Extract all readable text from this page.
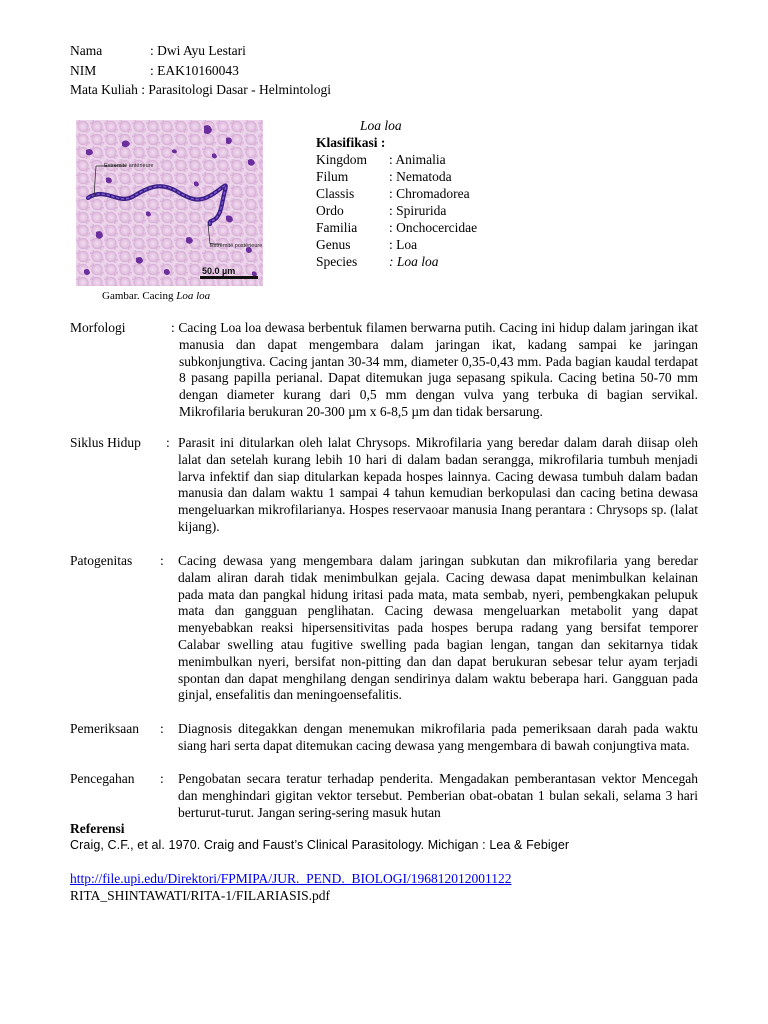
Nama	: Dwi Ayu Lestari
NIM	: EAK10160043
Mata Kuliah : Parasitologi Dasar - Helmintologi
Extremité antérieure
Extremité postérieure
50.0 µm
Gambar. Cacing Loa loa
Loa loa
Klasifikasi :
Kingdom : Animalia
Filum	: Nematoda
Classis	: Chromadorea
Ordo	: Spirurida
Familia : Onchocercidae
Genus	: Loa
Species : Loa loa
Morfologi	: Cacing Loa loa dewasa berbentuk filamen berwarna putih. Cacing ini hidup dalam jaringan ikat manusia dan dapat mengembara dalam jaringan ikat, kadang sampai ke jaringan subkonjungtiva. Cacing jantan 30-34 mm, diameter 0,35-0,43 mm. Pada bagian kaudal terdapat 8 pasang papilla perianal. Dapat ditemukan juga sepasang spikula. Cacing betina 50-70 mm dengan diameter kurang dari 0,5 mm dengan vulva yang terbuka di bagian servikal. Mikrofilaria berukuran 20-300 µm x 6-8,5 µm dan tidak bersarung.
Siklus Hidup : Parasit ini ditularkan oleh lalat Chrysops. Mikrofilaria yang beredar dalam darah diisap oleh lalat dan setelah kurang lebih 10 hari di dalam badan serangga, mikrofilaria tumbuh menjadi larva infektif dan siap ditularkan kepada hospes lainnya. Cacing dewasa tumbuh dalam badan manusia dan dalam waktu 1 sampai 4 tahun kemudian berkopulasi dan cacing betina dewasa mengeluarkan mikrofilarianya. Hospes reservaoar manusia Inang perantara : Chrysops sp. (lalat kijang).
Patogenitas : Cacing dewasa yang mengembara dalam jaringan subkutan dan mikrofilaria yang beredar dalam aliran darah tidak menimbulkan gejala. Cacing dewasa dapat menimbulkan kelainan pada mata dan pangkal hidung iritasi pada mata, mata sembab, nyeri, pembengkakan pelupuk mata dan gangguan penglihatan. Cacing dewasa mengeluarkan metabolit yang dapat menyebabkan reaksi hipersensitivitas pada hospes berupa radang yang bersifat temporer Calabar swelling atau fugitive swelling pada bagian lengan, tangan dan sekitarnya tidak menimbulkan nyeri, bersifat non-pitting dan dan dapat berukuran sebesar telur ayam terjadi spontan dan dapat menghilang dengan sendirinya dalam waktu beberapa hari. Gangguan pada ginjal, ensefalitis dan meningoensefalitis.
Pemeriksaan : Diagnosis ditegakkan dengan menemukan mikrofilaria pada pemeriksaan darah pada waktu siang hari serta dapat ditemukan cacing dewasa yang mengembara di bawah conjungtiva mata.
Pencegahan : Pengobatan secara teratur terhadap penderita. Mengadakan pemberantasan vektor Mencegah dan menghindari gigitan vektor tersebut. Pemberian obat-obatan 1 bulan sekali, selama 3 hari berturut-turut. Jangan sering-sering masuk hutan
Referensi
Craig, C.F., et al. 1970. Craig and Faust’s Clinical Parasitology. Michigan : Lea & Febiger
http://file.upi.edu/Direktori/FPMIPA/JUR._PEND._BIOLOGI/196812012001122
RITA_SHINTAWATI/RITA-1/FILARIASIS.pdf
